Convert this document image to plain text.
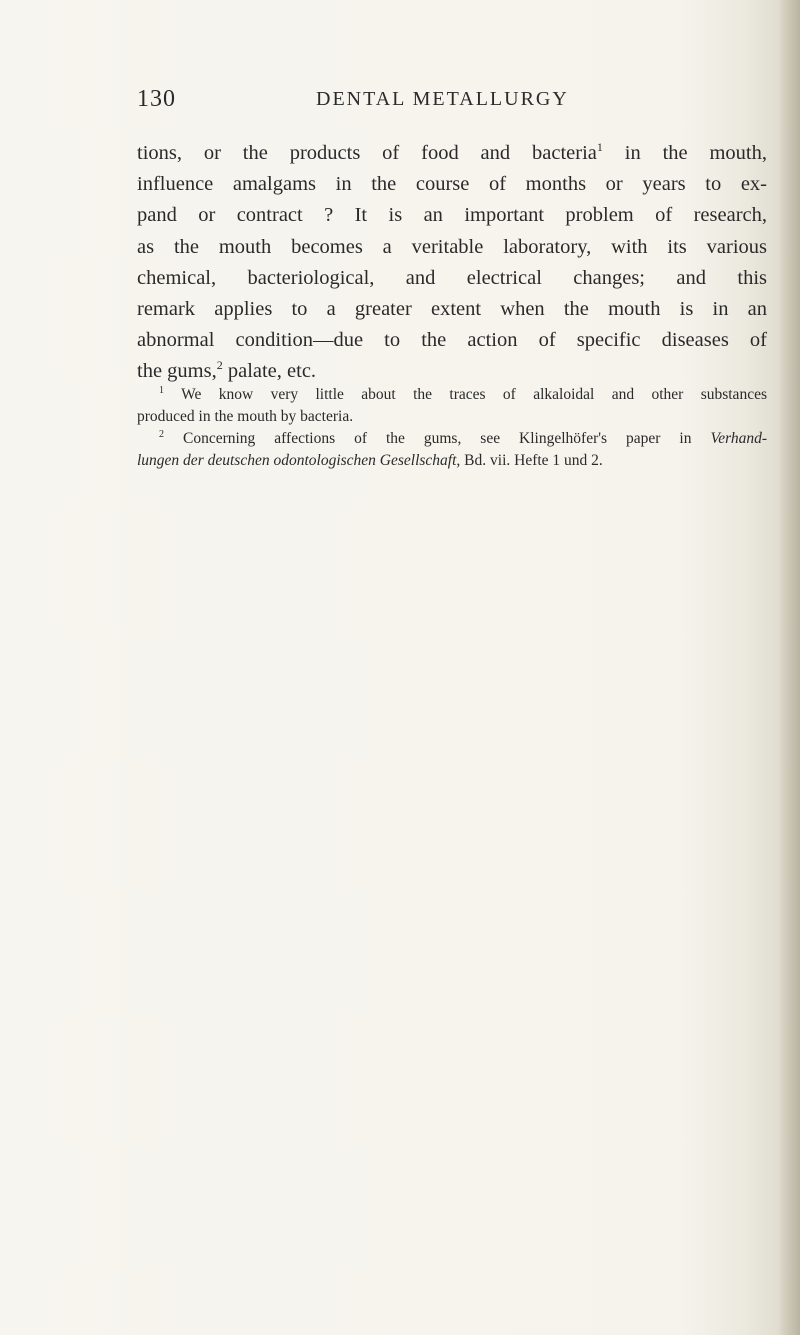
130	DENTAL METALLURGY
tions, or the products of food and bacteria$^1$ in the mouth,
influence amalgams in the course of months or years to ex-
pand or contract ? It is an important problem of research,
as the mouth becomes a veritable laboratory, with its various
chemical, bacteriological, and electrical changes; and this
remark applies to a greater extent when the mouth is in an
abnormal condition—due to the action of specific diseases of
the gums,$^2$ palate, etc.
$^1$ We know very little about the traces of alkaloidal and other substances
produced in the mouth by bacteria.
$^2$ Concerning affections of the gums, see Klingelhöfer's paper in Verhand-
lungen der deutschen odontologischen Gesellschaft, Bd. vii. Hefte 1 und 2.
